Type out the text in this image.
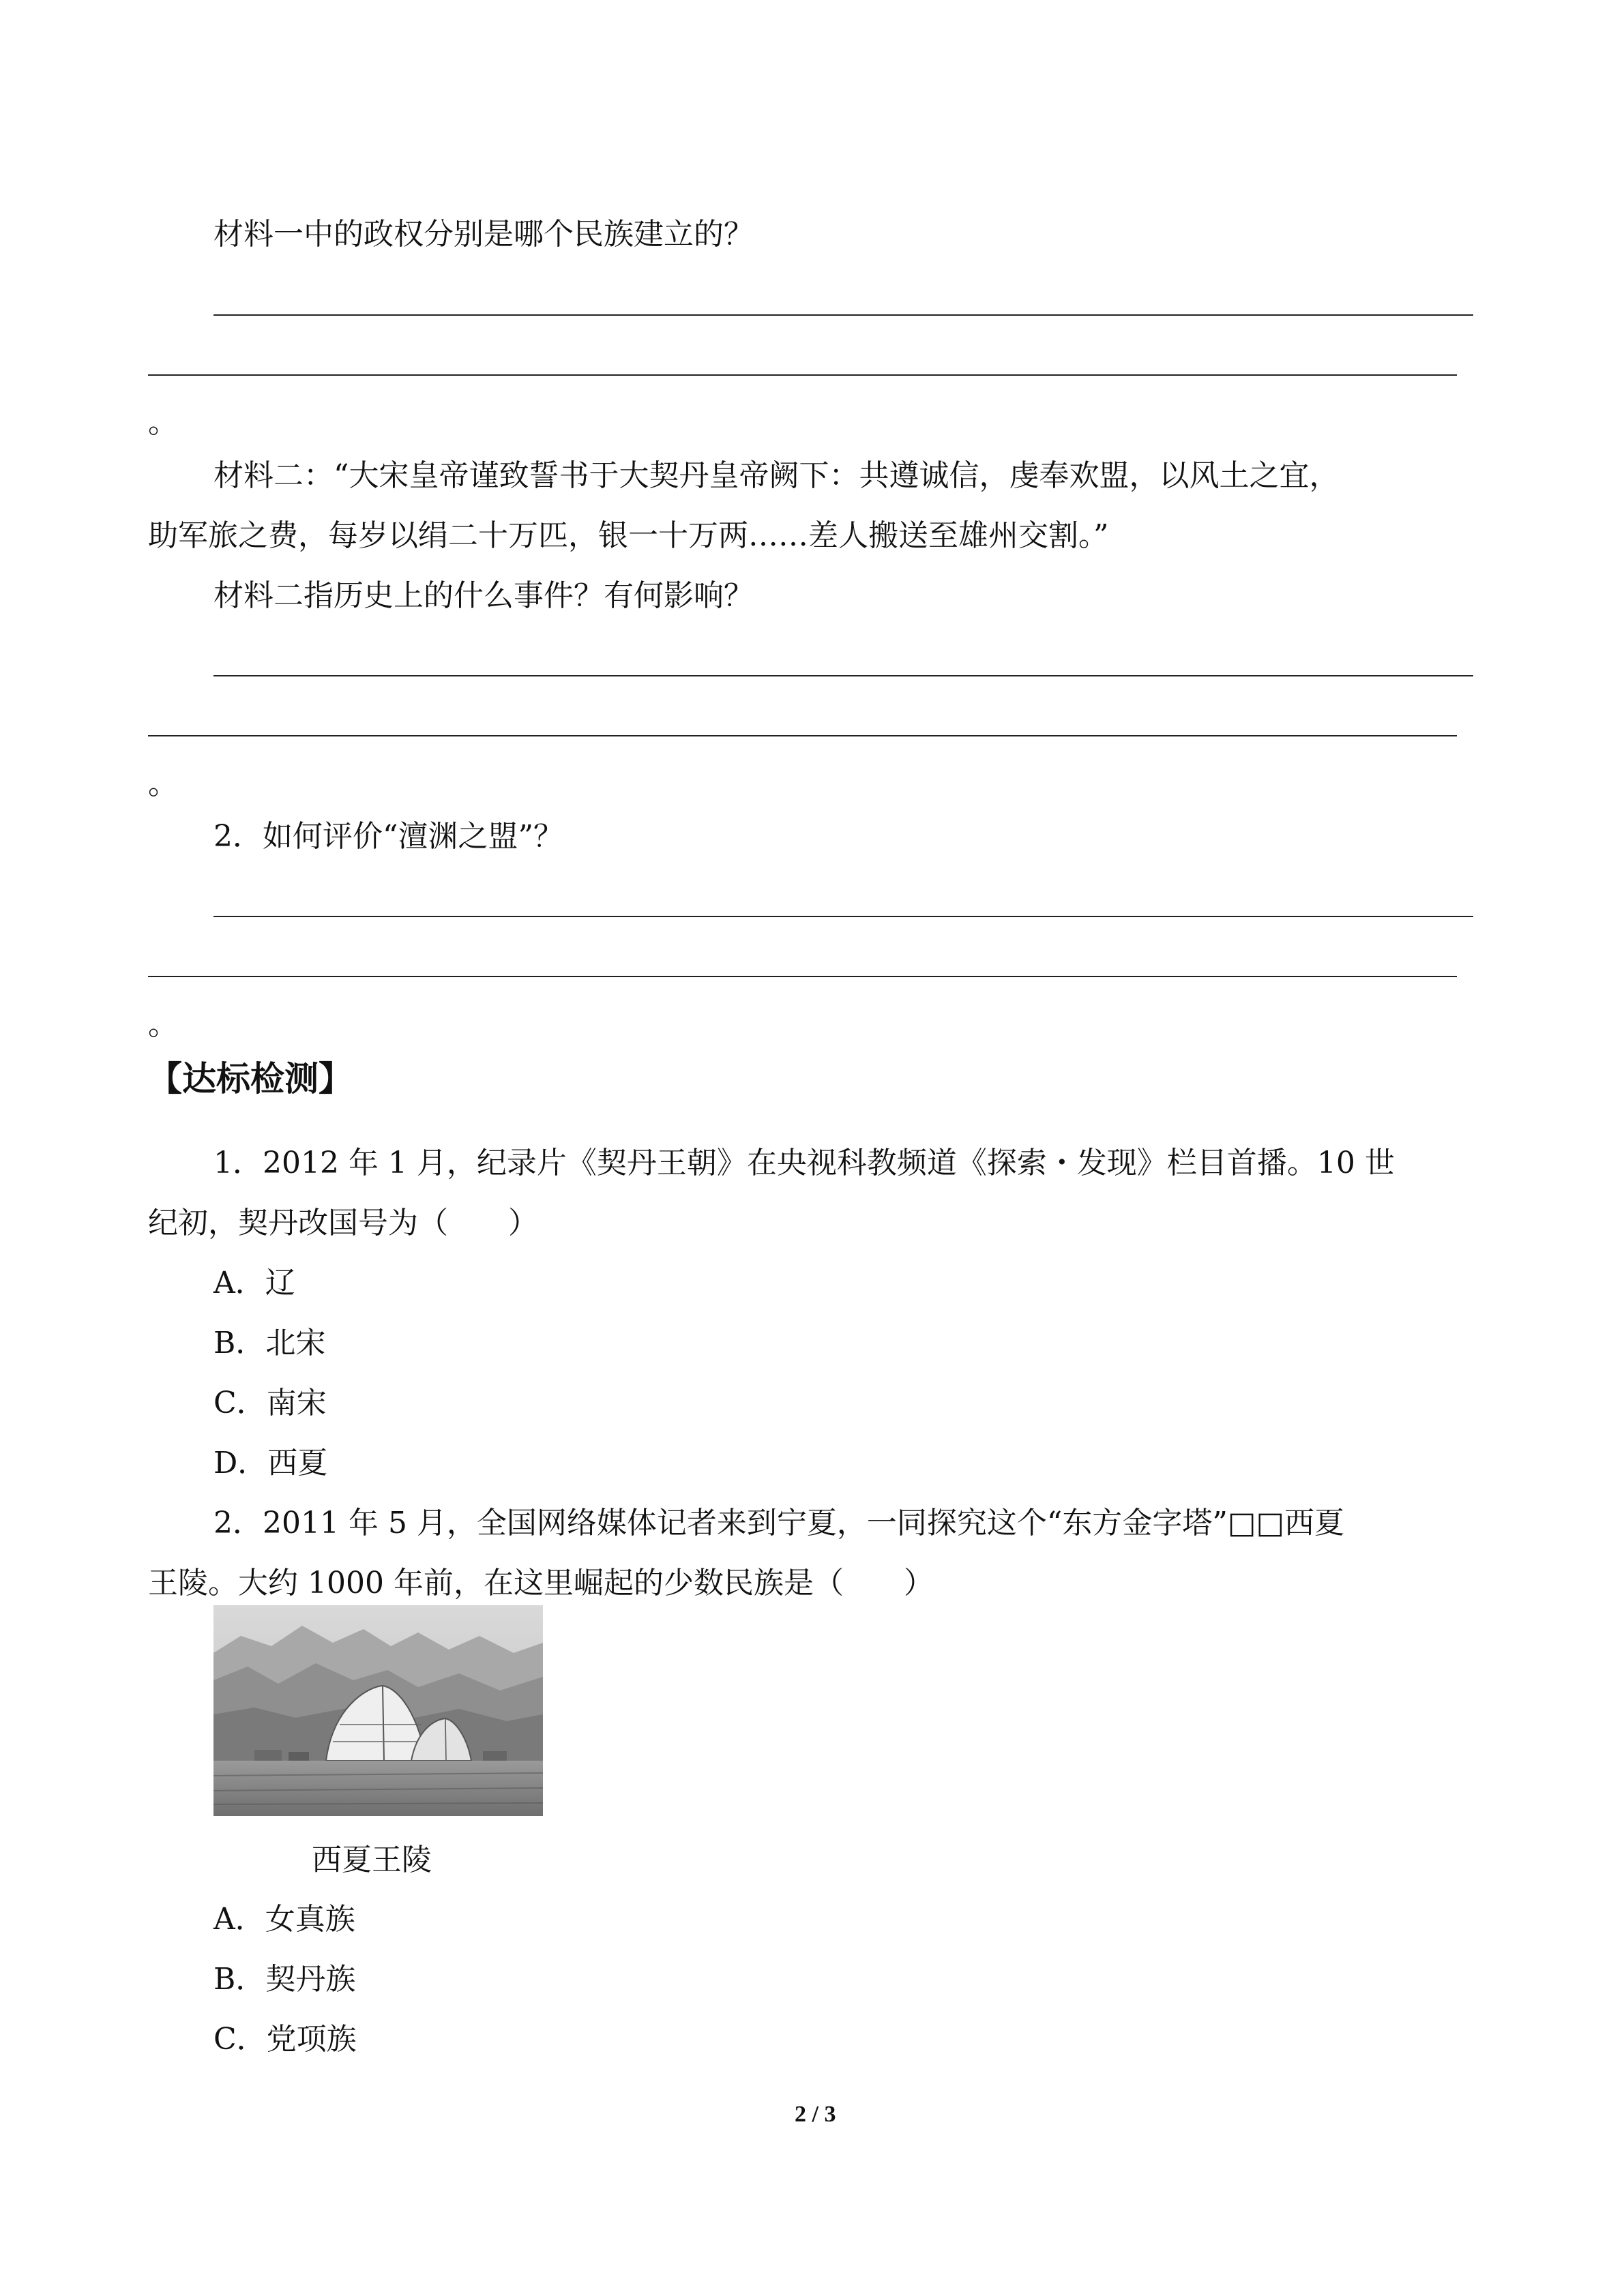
材料一中的政权分别是哪个民族建立的？
。
材料二：“大宋皇帝谨致誓书于大契丹皇帝阙下：共遵诚信，虔奉欢盟，以风土之宜，
助军旅之费，每岁以绢二十万匹，银一十万两……差人搬送至雄州交割。”
材料二指历史上的什么事件？有何影响？
。
2．如何评价“澶渊之盟”？
。
【达标检测】
1．2012 年 1 月，纪录片《契丹王朝》在央视科教频道《探索・发现》栏目首播。10 世
纪初，契丹改国号为（　　）
A．辽
B．北宋
C．南宋
D．西夏
2．2011 年 5 月，全国网络媒体记者来到宁夏，一同探究这个“东方金字塔”□□西夏
王陵。大约 1000 年前，在这里崛起的少数民族是（　　）
西夏王陵
A．女真族
B．契丹族
C．党项族
2 / 3
